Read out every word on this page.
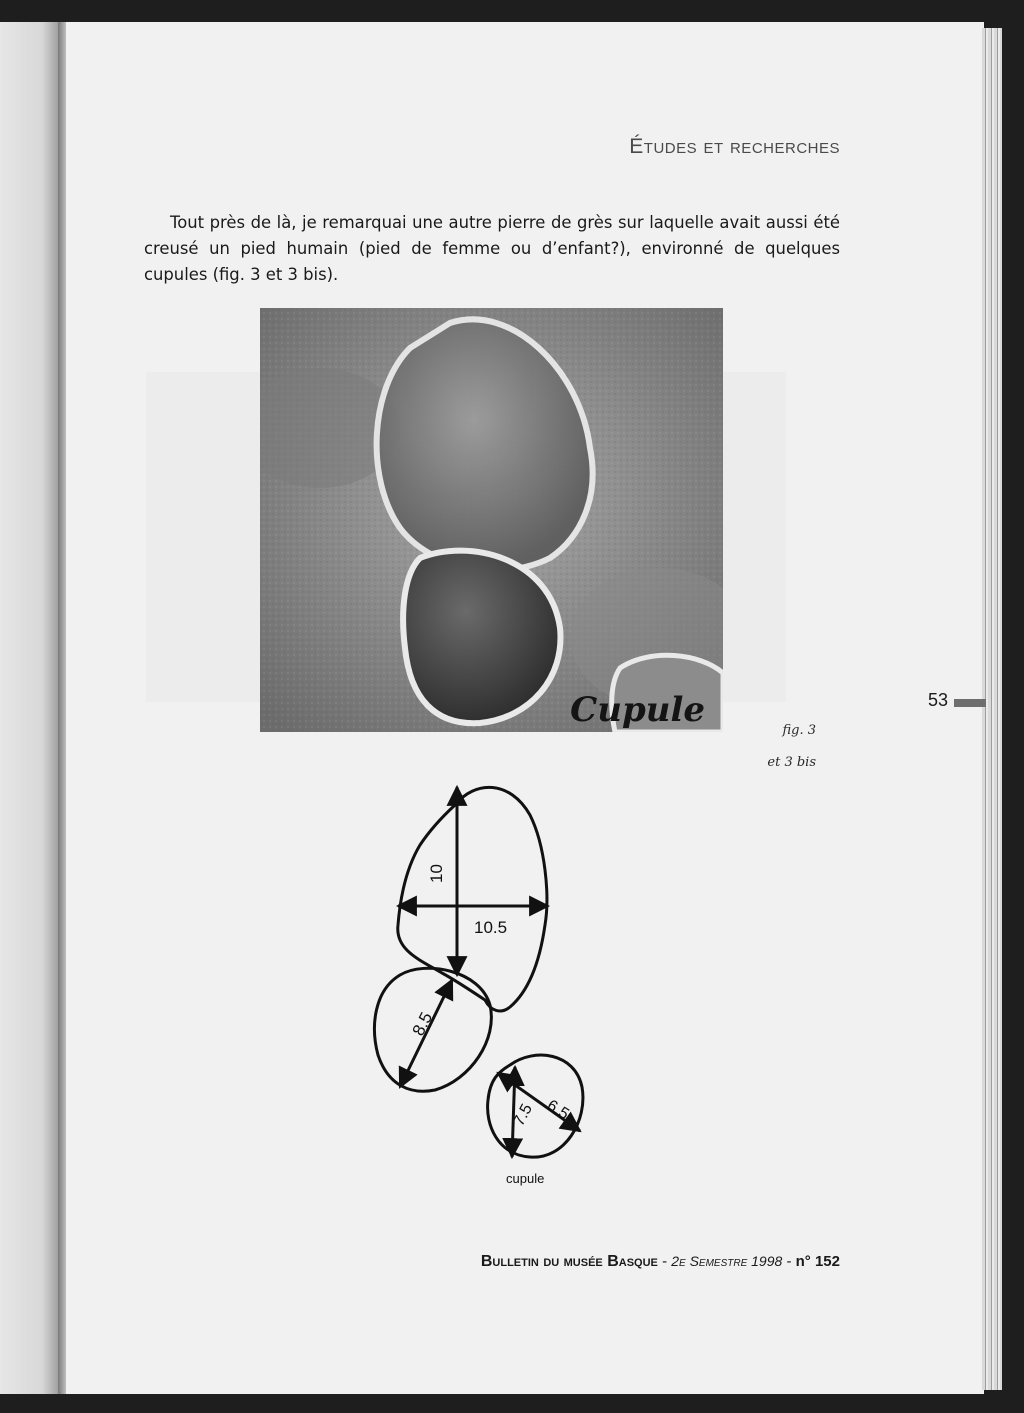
Études et recherches

Tout près de là, je remarquai une autre pierre de grès sur laquelle avait aussi été creusé un pied humain (pied de femme ou d’enfant?), environné de quelques cupules (fig. 3 et 3 bis).

Cupule
fig. 3
et 3 bis
53
10
10.5
8.5
7.5 6.5
cupule
Bulletin du musée Basque - 2e Semestre 1998 - n° 152
